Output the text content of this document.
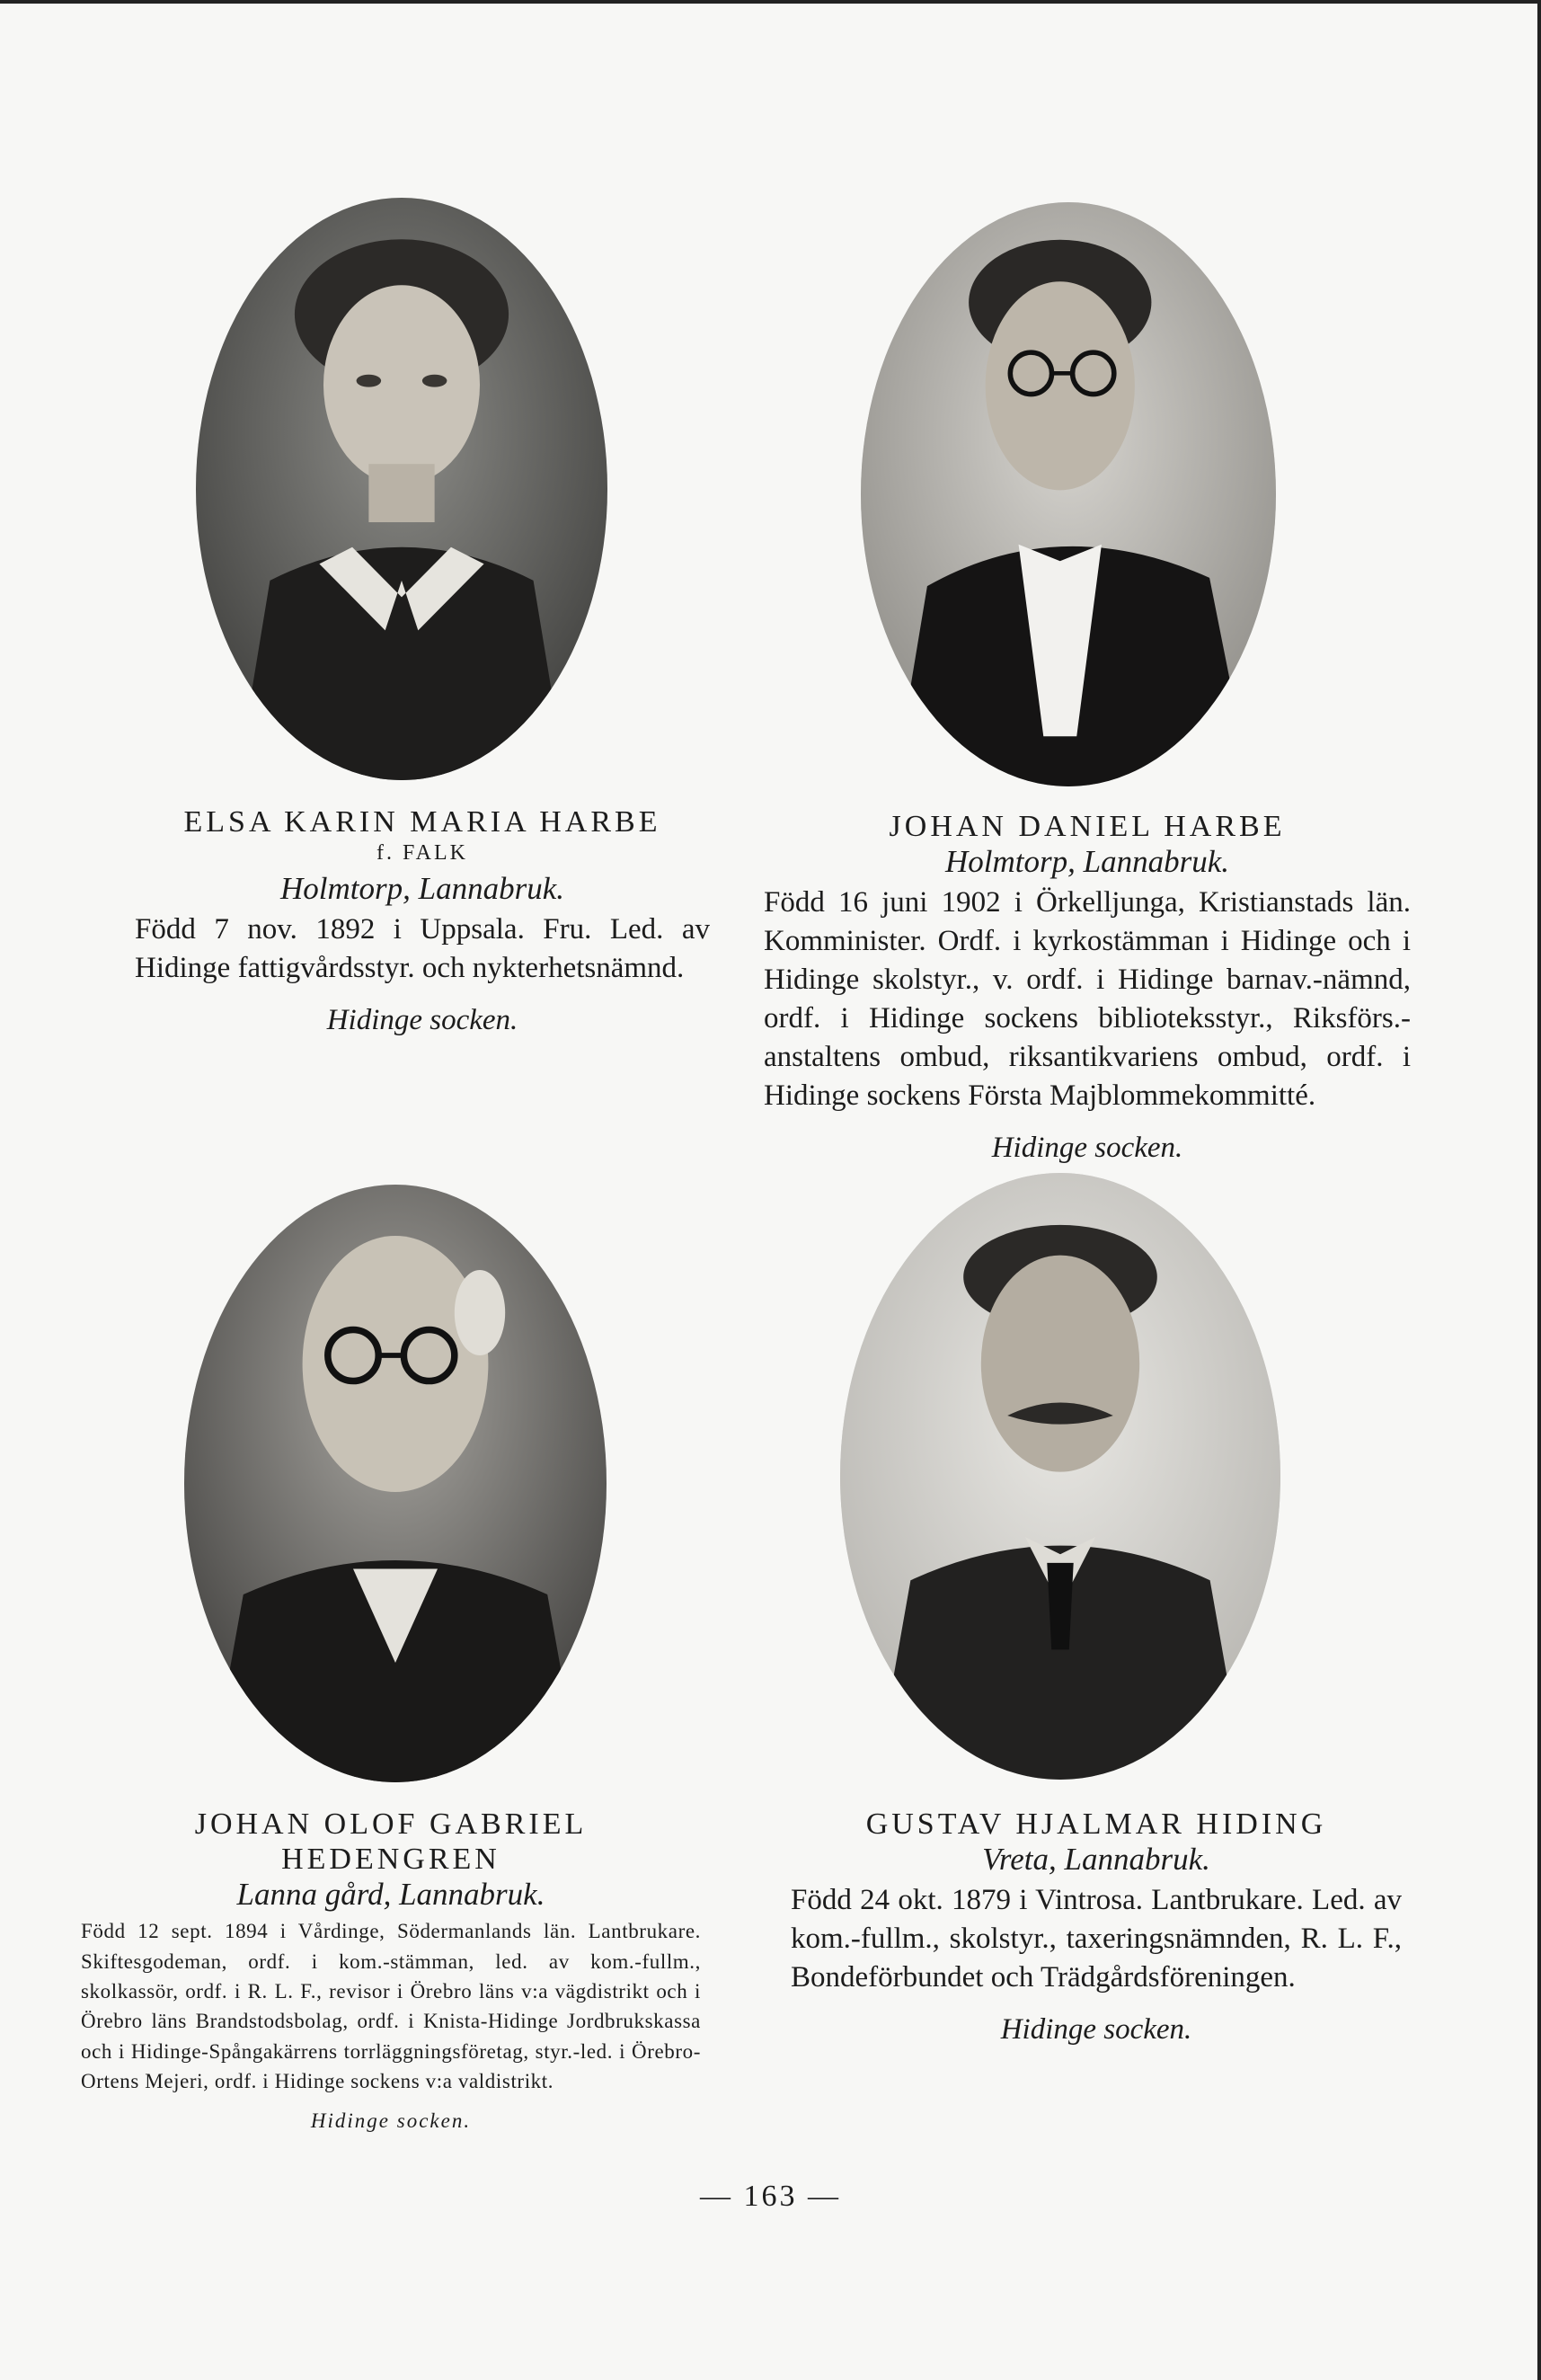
ELSA KARIN MARIA HARBE

f. FALK

Holmtorp, Lannabruk.

Född 7 nov. 1892 i Uppsala. Fru. Led. av Hidinge fattigvårdsstyr. och nykterhetsnämnd.

Hidinge socken.

JOHAN DANIEL HARBE

Holmtorp, Lannabruk.

Född 16 juni 1902 i Örkelljunga, Kristianstads län. Komminister. Ordf. i kyrkostämman i Hidinge och i Hidinge skolstyr., v. ordf. i Hidinge barnav.-nämnd, ordf. i Hidinge sockens biblioteksstyr., Riksförs.-anstaltens ombud, riksantikvariens ombud, ordf. i Hidinge sockens Första Majblommekommitté.

Hidinge socken.

JOHAN OLOF GABRIEL HEDENGREN

Lanna gård, Lannabruk.

Född 12 sept. 1894 i Vårdinge, Södermanlands län. Lantbrukare. Skiftesgodeman, ordf. i kom.-stämman, led. av kom.-fullm., skolkassör, ordf. i R. L. F., revisor i Örebro läns v:a vägdistrikt och i Örebro läns Brandstodsbolag, ordf. i Knista-Hidinge Jordbrukskassa och i Hidinge-Spångakärrens torrläggningsföretag, styr.-led. i Örebro-Ortens Mejeri, ordf. i Hidinge sockens v:a valdistrikt.

Hidinge socken.

GUSTAV HJALMAR HIDING

Vreta, Lannabruk.

Född 24 okt. 1879 i Vintrosa. Lantbrukare. Led. av kom.-fullm., skolstyr., taxeringsnämnden, R. L. F., Bondeförbundet och Trädgårdsföreningen.

Hidinge socken.
— 163 —
